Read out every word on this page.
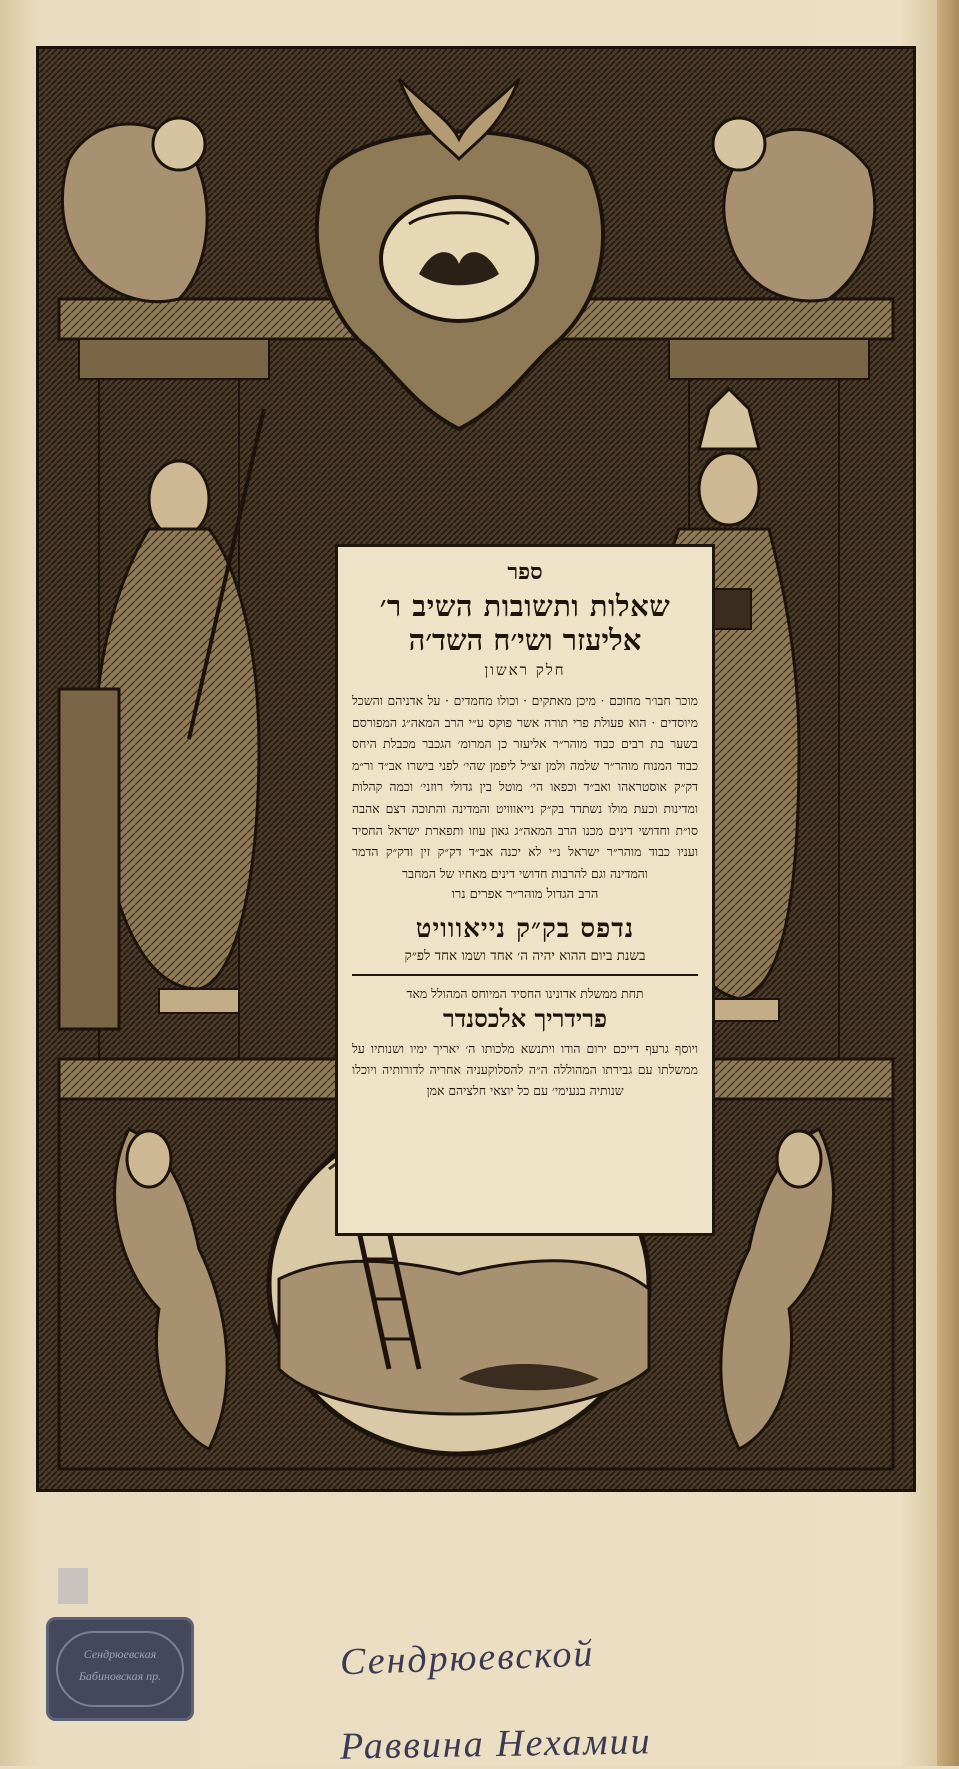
ספר
שאלות ותשובות השיב ר׳
אליעזר ושי׳ח השד׳ה
חלק ראשון
מוכר חבו׳ר מחוכם · מיכן מאתקים · וכולו מחמדים · על אדניהם והשכל מיוסדים · הוא פעולת פרי תורה אשר פוקס ע״י הרב המאה״ג המפורסם בשער בת רבים כבוד מוהר״ר אליעזר כן המרומ׳ הגכבר מכבלת היחס כבוד המנוח מוהר״ר שלמה ולמן זצ״ל ליפמן שהי׳ לפני בישרו אב״ד ור״מ דק״ק אוסטראהו ואב״ד וכפאו הי׳ מוטל בין גדולי רוזני׳ וכמה קהלות ומדינות וכעת מולו נשתדד בק״ק נייאווויט והמדינה והתוכה דצם אהבה סו״ת וחדושי דינים מכנו הרב המאה״ג גאון עוזו ותפארת ישראל החסיד ועניו כבוד מוהר״ר ישראל נ״י לא יכנה אב״ד דק״ק זין ודק״ק הדמר והמדינה וגם להרבות חדושי דינים מאחיו של המחבר
הרב הגדול מוהר״ר אפרים נרו
נדפס בק״ק נייאווויט
בשנת ביום ההוא יהיה ה׳ אחד ושמו אחד לפ״ק
תחת ממשלת אדונינו החסיד המיוחס המהולל מאד
פרידריך אלכסנדר
ויוסף גרעף דייכם ירום הודו ויתנשא מלכותו ה׳ יאריך ימיו ושנותיו על ממשלתו עם גבירתו המהוללה ה״ה להסלוקעניה אחריה לדורותיה ויוכלו שנותיה בנעימי׳ עם כל יוצאי חלציהם אמן
Сендрюевская
Бабиновская пр.	Сендрюевской
Раввина Нехамии
